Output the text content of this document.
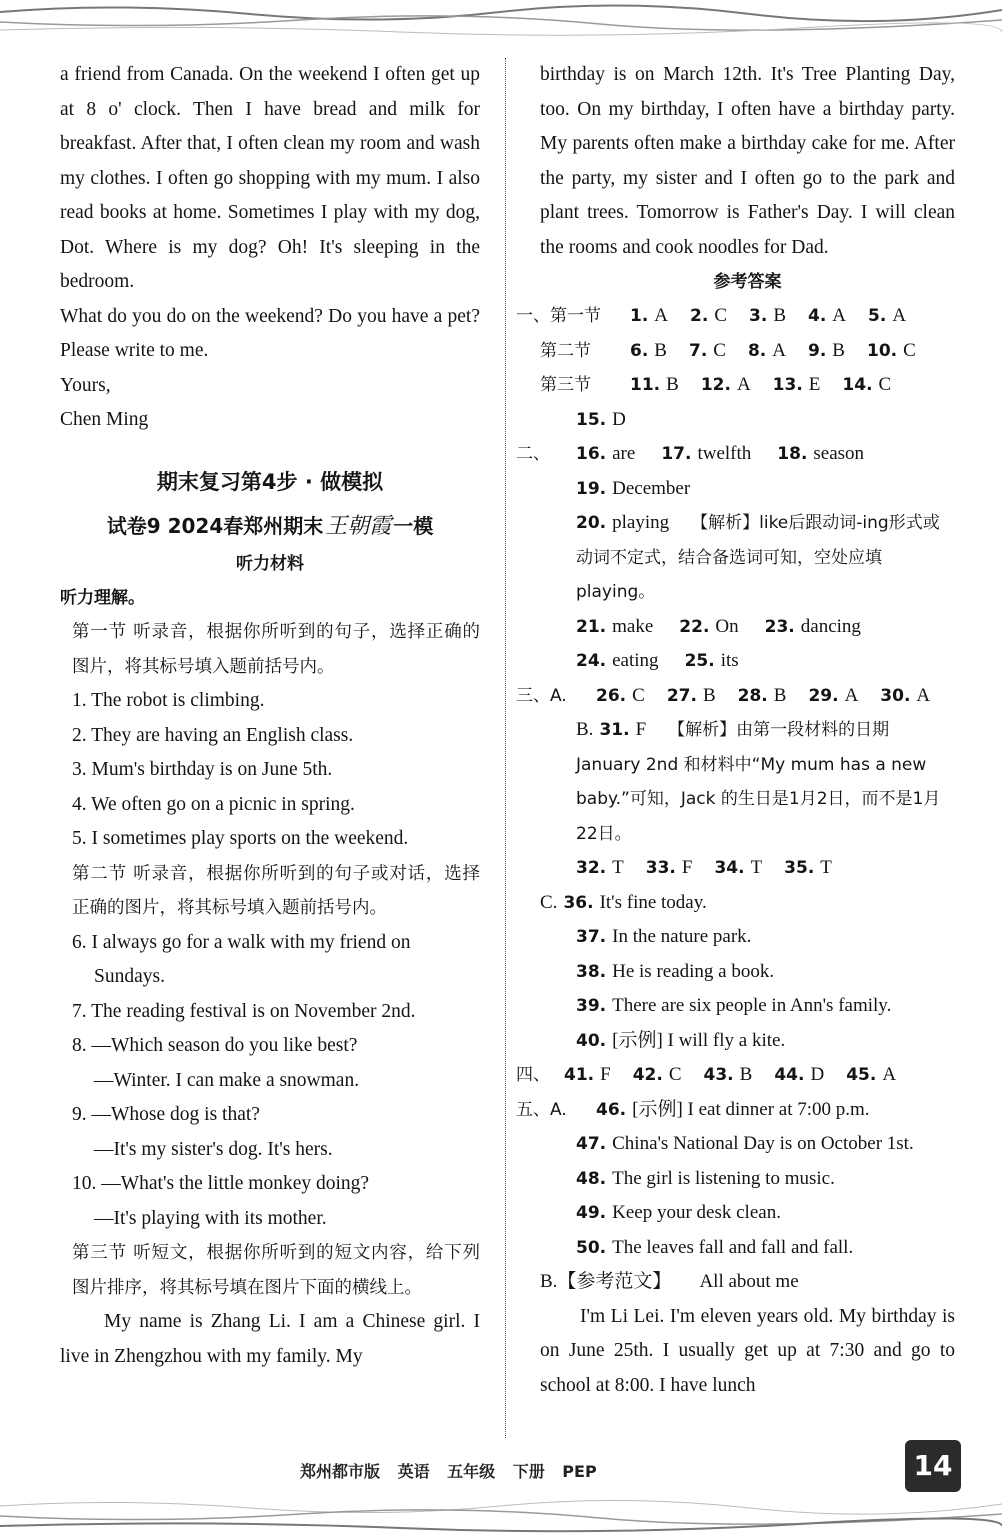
a friend from Canada. On the weekend I often get up at 8 o' clock. Then I have bread and milk for breakfast. After that, I often clean my room and wash my clothes. I often go shopping with my mum. I also read books at home. Sometimes I play with my dog, Dot. Where is my dog? Oh! It's sleeping in the bedroom.

What do you do on the weekend? Do you have a pet? Please write to me.

Yours,

Chen Ming

期末复习第4步 · 做模拟
试卷9 2024春郑州期末王朝霞 一模
听力材料
听力理解。

第一节 听录音，根据你所听到的句子，选择正确的图片，将其标号填入题前括号内。

1. The robot is climbing.

2. They are having an English class.

3. Mum's birthday is on June 5th.

4. We often go on a picnic in spring.

5. I sometimes play sports on the weekend.

第二节 听录音，根据你所听到的句子或对话，选择正确的图片，将其标号填入题前括号内。

6. I always go for a walk with my friend on

Sundays.

7. The reading festival is on November 2nd.

8. —Which season do you like best?

—Winter. I can make a snowman.

9. —Whose dog is that?

—It's my sister's dog. It's hers.

10. —What's the little monkey doing?

—It's playing with its mother.

第三节 听短文，根据你所听到的短文内容，给下列图片排序，将其标号填在图片下面的横线上。

My name is Zhang Li. I am a Chinese girl. I live in Zhengzhou with my family. My

birthday is on March 12th. It's Tree Planting Day, too. On my birthday, I often have a birthday party. My parents often make a birthday cake for me. After the party, my sister and I often go to the park and plant trees. Tomorrow is Father's Day. I will clean the rooms and cook noodles for Dad.

参考答案
一、第一节	1. A 2. C 3. B 4. A 5. A
第二节	6. B 7. C 8. A 9. B 10. C
第三节	11. B 12. A 13. E 14. C
15. D
二、	16. are 17. twelfth 18. season
19. December
20. playing 【解析】like后跟动词-ing形式或动词不定式，结合备选词可知，空处应填playing。
21. make 22. On 23. dancing
24. eating 25. its
三、A.	26. C 27. B 28. B 29. A 30. A
B. 31. F 【解析】由第一段材料的日期 January 2nd 和材料中“My mum has a new baby.”可知，Jack 的生日是1月2日，而不是1月22日。
32. T 33. F 34. T 35. T
C. 36. It's fine today.
37. In the nature park.
38. He is reading a book.
39. There are six people in Ann's family.
40. [示例] I will fly a kite.
四、 41. F 42. C 43. B 44. D 45. A
五、A.	46. [示例] I eat dinner at 7:00 p.m.
47. China's National Day is on October 1st.
48. The girl is listening to music.
49. Keep your desk clean.
50. The leaves fall and fall and fall.
B.【参考范文】 All about me

I'm Li Lei. I'm eleven years old. My birthday is on June 25th. I usually get up at 7:30 and go to school at 8:00. I have lunch

郑州都市版 英语 五年级 下册 PEP	14
